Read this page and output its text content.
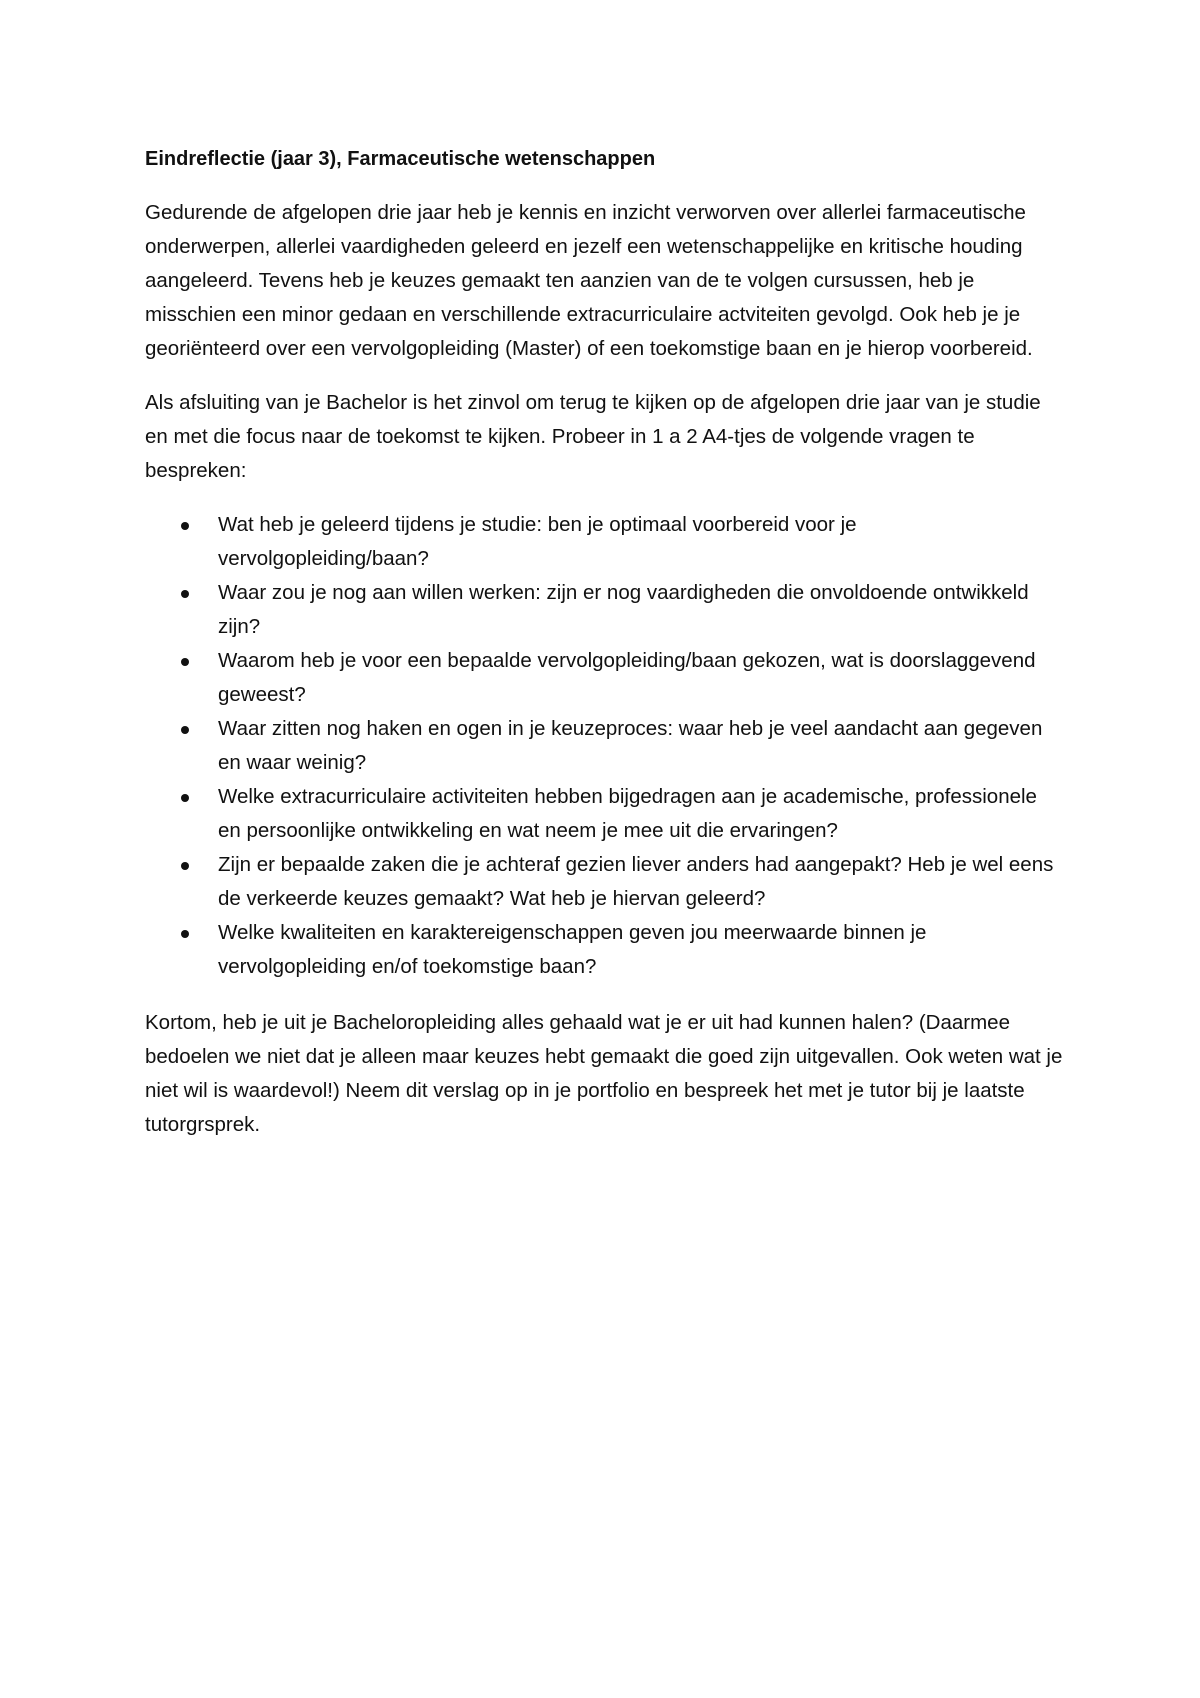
Eindreflectie (jaar 3), Farmaceutische wetenschappen

Gedurende de afgelopen drie jaar heb je kennis en inzicht verworven over allerlei farmaceutische onderwerpen, allerlei vaardigheden geleerd en jezelf een wetenschappelijke en kritische houding aangeleerd. Tevens heb je keuzes gemaakt ten aanzien van de te volgen cursussen, heb je misschien een minor gedaan en verschillende extracurriculaire actviteiten gevolgd. Ook heb je je georiënteerd over een vervolgopleiding (Master) of een toekomstige baan en je hierop voorbereid.

Als afsluiting van je Bachelor is het zinvol om terug te kijken op de afgelopen drie jaar van je studie en met die focus naar de toekomst te kijken. Probeer in 1 a 2 A4-tjes de volgende vragen te bespreken:

Wat heb je geleerd tijdens je studie: ben je optimaal voorbereid voor je vervolgopleiding/baan?
Waar zou je nog aan willen werken: zijn er nog vaardigheden die onvoldoende ontwikkeld zijn?
Waarom heb je voor een bepaalde vervolgopleiding/baan gekozen, wat is doorslaggevend geweest?
Waar zitten nog haken en ogen in je keuzeproces: waar heb je veel aandacht aan gegeven en waar weinig?
Welke extracurriculaire activiteiten hebben bijgedragen aan je academische, professionele en persoonlijke ontwikkeling en wat neem je mee uit die ervaringen?
Zijn er bepaalde zaken die je achteraf gezien liever anders had aangepakt? Heb je wel eens de verkeerde keuzes gemaakt? Wat heb je hiervan geleerd?
Welke kwaliteiten en karaktereigenschappen geven jou meerwaarde binnen je vervolgopleiding en/of toekomstige baan?

Kortom, heb je uit je Bacheloropleiding alles gehaald wat je er uit had kunnen halen? (Daarmee bedoelen we niet dat je alleen maar keuzes hebt gemaakt die goed zijn uitgevallen. Ook weten wat je niet wil is waardevol!) Neem dit verslag op in je portfolio en bespreek het met je tutor bij je laatste tutorgrsprek.
